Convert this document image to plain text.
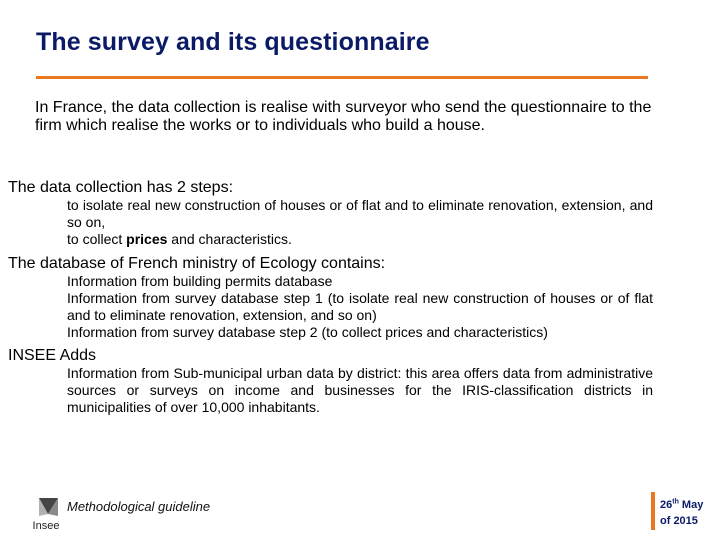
The survey and its questionnaire
In France, the data collection is realise with surveyor who send the questionnaire to the firm which realise the works or to individuals who build a house.
The data collection has 2 steps:
to isolate real new construction of houses or of flat and to eliminate renovation, extension, and so on,
to collect prices and characteristics.
The database of French ministry of Ecology contains:
Information from building permits database
Information from survey database step 1 (to isolate real new construction of houses or of flat and to eliminate renovation, extension, and so on)
Information from survey database step 2 (to collect prices and characteristics)
INSEE Adds
Information from Sub-municipal urban data by district: this area offers data from administrative sources or surveys on income and businesses for the IRIS-classification districts in municipalities of over 10,000 inhabitants.
Insee
Methodological guideline	26th May
of 2015
